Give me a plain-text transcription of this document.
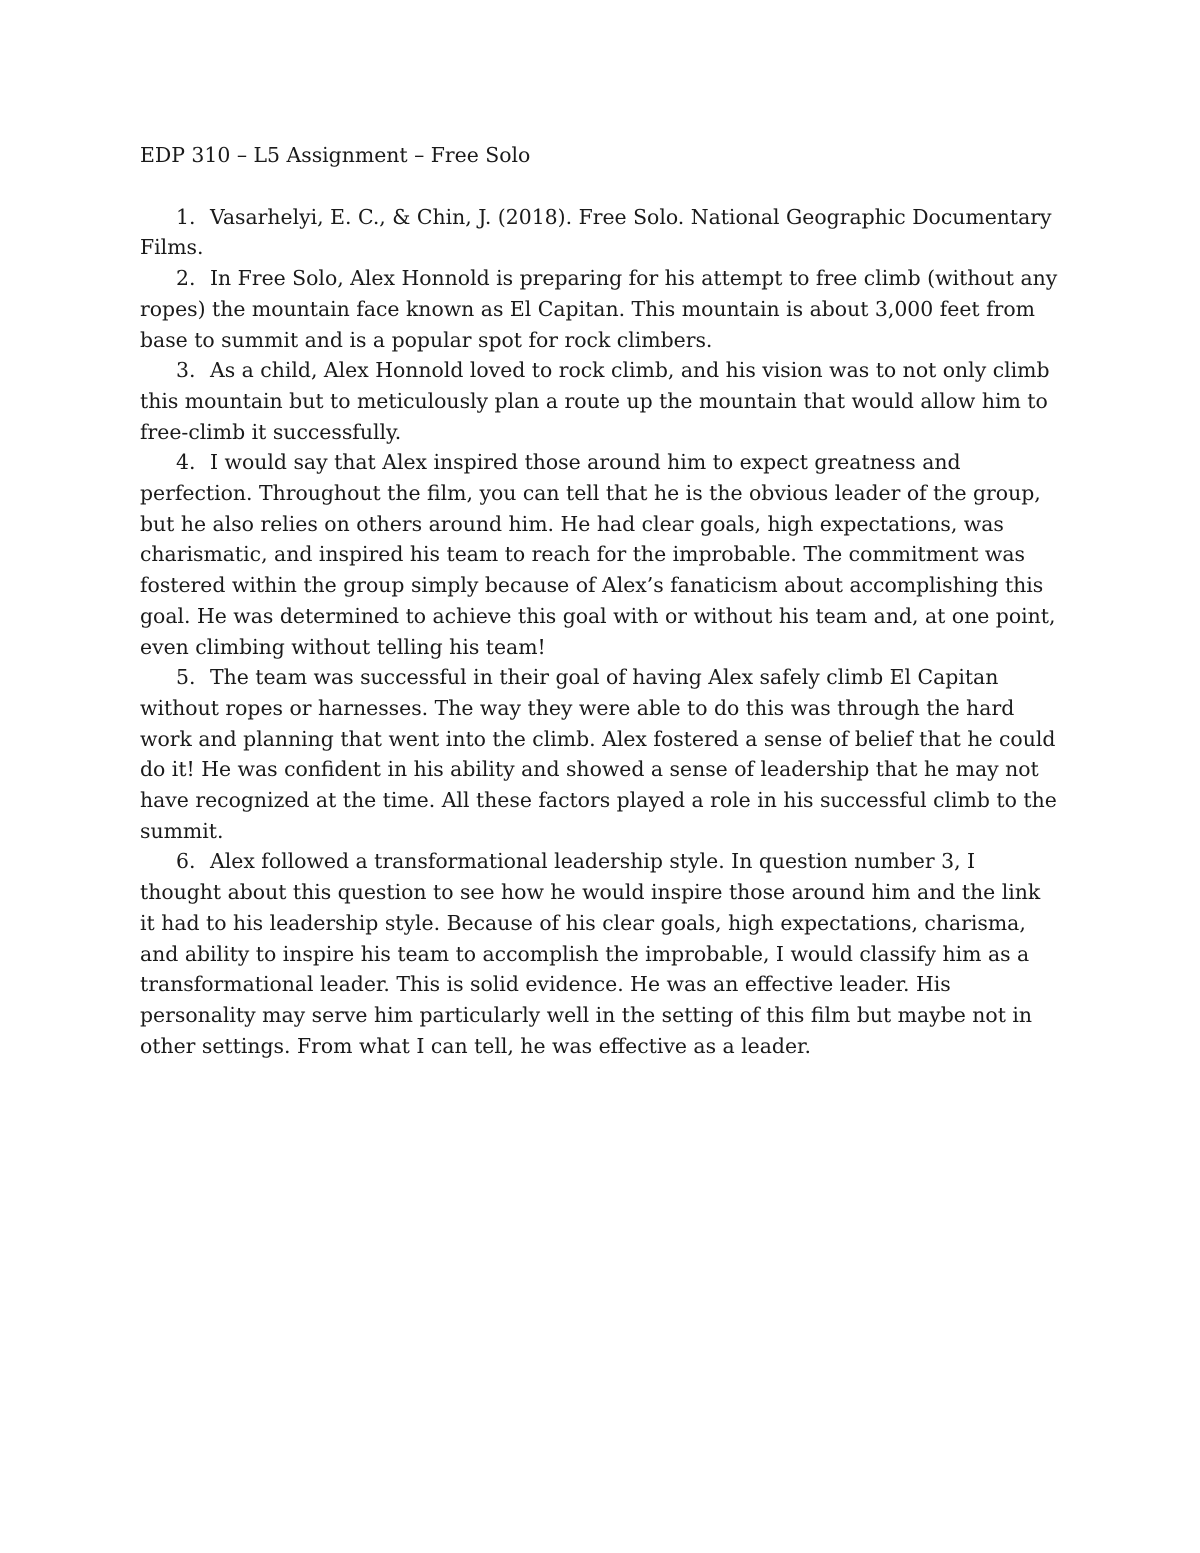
EDP 310 – L5 Assignment – Free Solo

1. Vasarhelyi, E. C., & Chin, J. (2018). Free Solo. National Geographic Documentary Films.
2. In Free Solo, Alex Honnold is preparing for his attempt to free climb (without any ropes) the mountain face known as El Capitan. This mountain is about 3,000 feet from base to summit and is a popular spot for rock climbers.
3. As a child, Alex Honnold loved to rock climb, and his vision was to not only climb this mountain but to meticulously plan a route up the mountain that would allow him to free-climb it successfully.
4. I would say that Alex inspired those around him to expect greatness and perfection. Throughout the film, you can tell that he is the obvious leader of the group, but he also relies on others around him. He had clear goals, high expectations, was charismatic, and inspired his team to reach for the improbable. The commitment was fostered within the group simply because of Alex’s fanaticism about accomplishing this goal. He was determined to achieve this goal with or without his team and, at one point, even climbing without telling his team!
5. The team was successful in their goal of having Alex safely climb El Capitan without ropes or harnesses. The way they were able to do this was through the hard work and planning that went into the climb. Alex fostered a sense of belief that he could do it! He was confident in his ability and showed a sense of leadership that he may not have recognized at the time. All these factors played a role in his successful climb to the summit.
6. Alex followed a transformational leadership style. In question number 3, I thought about this question to see how he would inspire those around him and the link it had to his leadership style. Because of his clear goals, high expectations, charisma, and ability to inspire his team to accomplish the improbable, I would classify him as a transformational leader. This is solid evidence. He was an effective leader. His personality may serve him particularly well in the setting of this film but maybe not in other settings. From what I can tell, he was effective as a leader.
